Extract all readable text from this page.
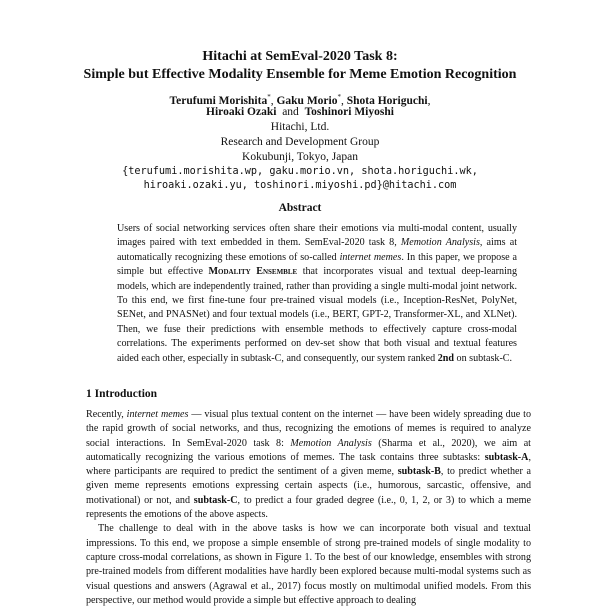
Hitachi at SemEval-2020 Task 8:
Simple but Effective Modality Ensemble for Meme Emotion Recognition
Terufumi Morishita*, Gaku Morio*, Shota Horiguchi,
Hiroaki Ozaki and Toshinori Miyoshi
Hitachi, Ltd.
Research and Development Group
Kokubunji, Tokyo, Japan
{terufumi.morishita.wp, gaku.morio.vn, shota.horiguchi.wk,
hiroaki.ozaki.yu, toshinori.miyoshi.pd}@hitachi.com
Abstract

Users of social networking services often share their emotions via multi-modal content, usually images paired with text embedded in them. SemEval-2020 task 8, Memotion Analysis, aims at automatically recognizing these emotions of so-called internet memes. In this paper, we propose a simple but effective Modality Ensemble that incorporates visual and textual deep-learning models, which are independently trained, rather than providing a single multi-modal joint network. To this end, we first fine-tune four pre-trained visual models (i.e., Inception-ResNet, PolyNet, SENet, and PNASNet) and four textual models (i.e., BERT, GPT-2, Transformer-XL, and XLNet). Then, we fuse their predictions with ensemble methods to effectively capture cross-modal correlations. The experiments performed on dev-set show that both visual and textual features aided each other, especially in subtask-C, and consequently, our system ranked 2nd on subtask-C.

1 Introduction

Recently, internet memes — visual plus textual content on the internet — have been widely spreading due to the rapid growth of social networks, and thus, recognizing the emotions of memes is required to analyze social interactions. In SemEval-2020 task 8: Memotion Analysis (Sharma et al., 2020), we aim at automatically recognizing the various emotions of memes. The task contains three subtasks: subtask-A, where participants are required to predict the sentiment of a given meme, subtask-B, to predict whether a given meme represents emotions expressing certain aspects (i.e., humorous, sarcastic, offensive, and motivational) or not, and subtask-C, to predict a four graded degree (i.e., 0, 1, 2, or 3) to which a meme represents the emotions of the above aspects.

The challenge to deal with in the above tasks is how we can incorporate both visual and textual impressions. To this end, we propose a simple ensemble of strong pre-trained models of single modality to capture cross-modal correlations, as shown in Figure 1. To the best of our knowledge, ensembles with strong pre-trained models from different modalities have hardly been explored because multi-modal systems such as visual questions and answers (Agrawal et al., 2017) focus mostly on multimodal unified models. From this perspective, our method would provide a simple but effective approach to dealing
